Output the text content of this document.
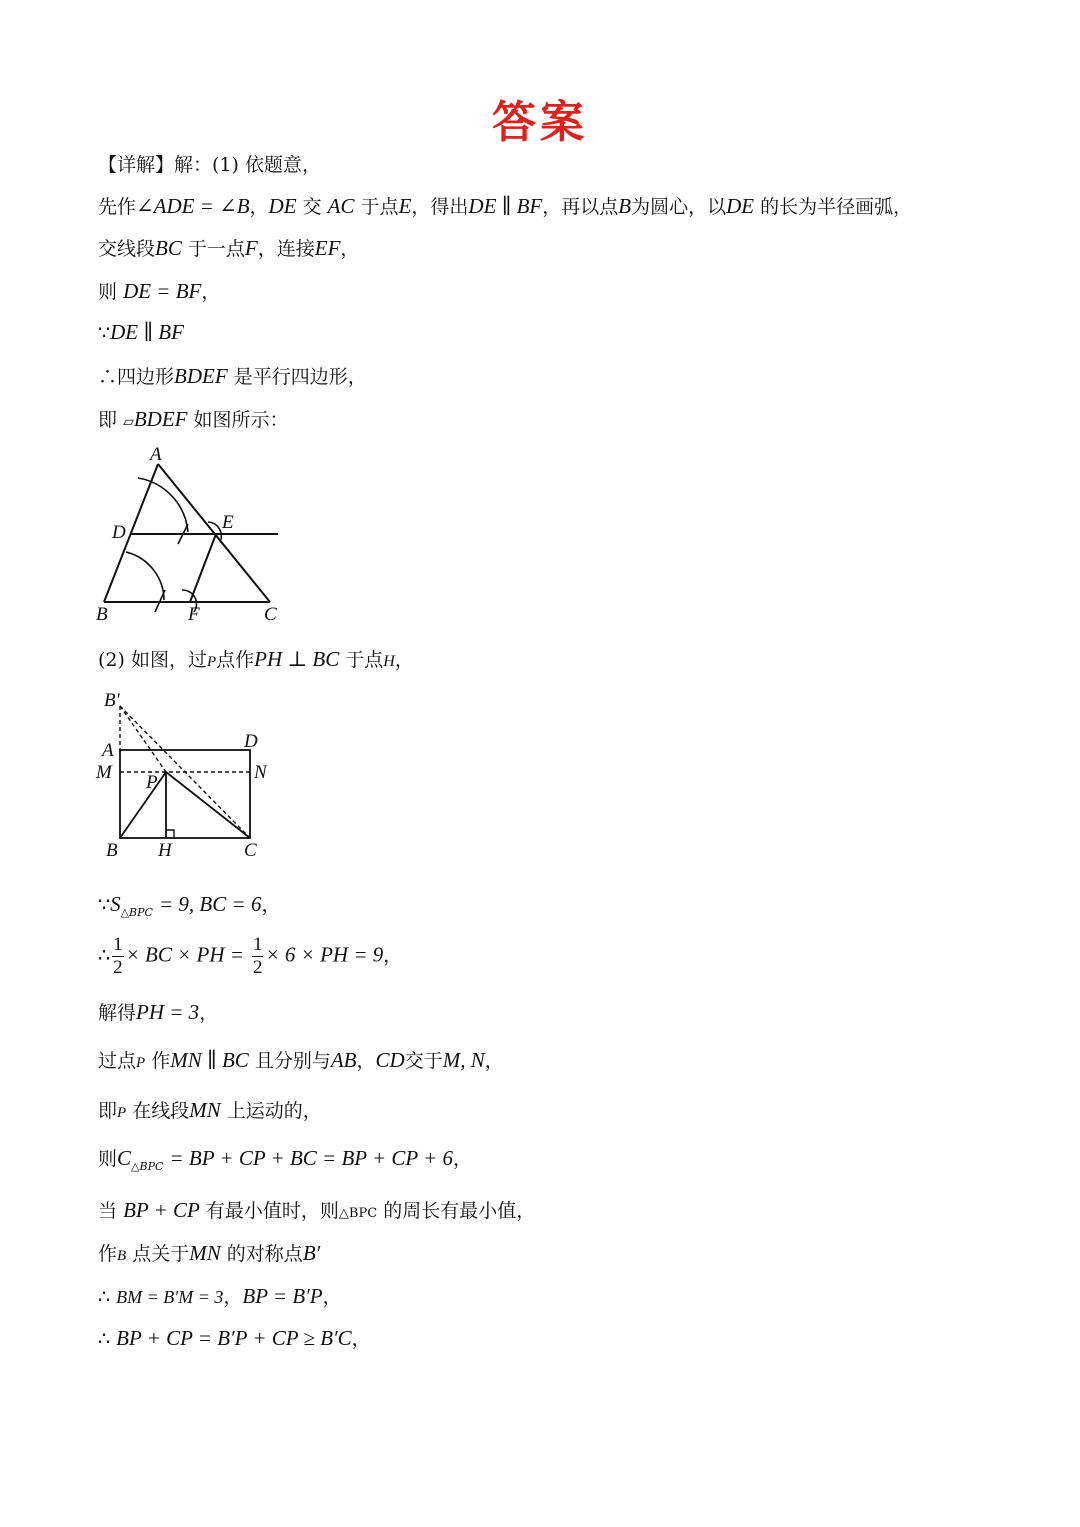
答案
【详解】解：(1) 依题意，
先作∠ADE = ∠B，DE 交 AC 于点E，得出DE ∥ BF，再以点B为圆心，以DE 的长为半径画弧，
交线段BC 于一点F，连接EF，
则 DE = BF，
∵DE ∥ BF
∴四边形BDEF 是平行四边形，
即 ▱BDEF 如图所示：
A
B	C
D	E
F
(2) 如图，过P点作PH ⊥ BC 于点H，
B′
A	D
M	N
P
B H	C
$\because S_{\triangle BPC} = 9$, BC = 6，
∴ $\frac{1}{2}$ × BC × PH = $\frac{1}{2} \times 6$ × PH = 9，
解得PH = 3，
过点P 作MN ∥ BC 且分别与AB，CD交于M, N，
即P 在线段MN 上运动的，
则$C_{\triangle BPC}$ = BP + CP + BC = BP + CP + 6，
当 BP + CP 有最小值时，则△BPC 的周长有最小值，
作B 点关于MN 的对称点B′
∴ BM = B′M = 3，BP = B′P，
∴ BP + CP = B′P + CP ≥ B′C，
